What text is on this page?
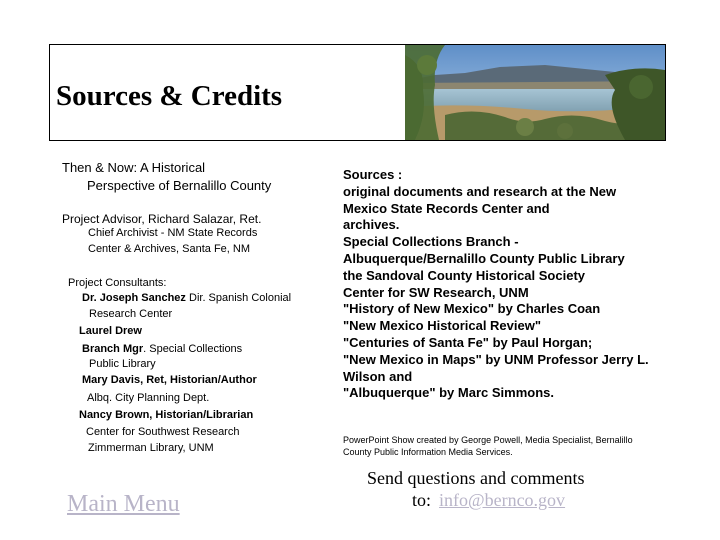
Sources & Credits
Then & Now: A Historical
Perspective of Bernalillo County
Project Advisor, Richard Salazar, Ret.
Chief Archivist - NM State Records
Center & Archives, Santa Fe, NM
Project Consultants:
Dr. Joseph Sanchez Dir. Spanish Colonial
Research Center
Laurel Drew
Branch Mgr. Special Collections
Public Library
Mary Davis, Ret, Historian/Author
Albq. City Planning Dept.
Nancy Brown, Historian/Librarian
Center for Southwest Research
Zimmerman Library, UNM
Sources :
original documents and research at the New
Mexico State Records Center and
archives.
Special Collections Branch -
Albuquerque/Bernalillo County Public Library
the Sandoval County Historical Society
Center for SW Research, UNM
"History of New Mexico" by Charles Coan
"New Mexico Historical Review"
"Centuries of Santa Fe" by Paul Horgan;
"New Mexico in Maps" by UNM Professor Jerry L.
Wilson and
"Albuquerque" by Marc Simmons.
PowerPoint Show created by George Powell, Media Specialist, Bernalillo
County Public Information Media Services.
Send questions and comments
to: info@bernco.gov
Main Menu
